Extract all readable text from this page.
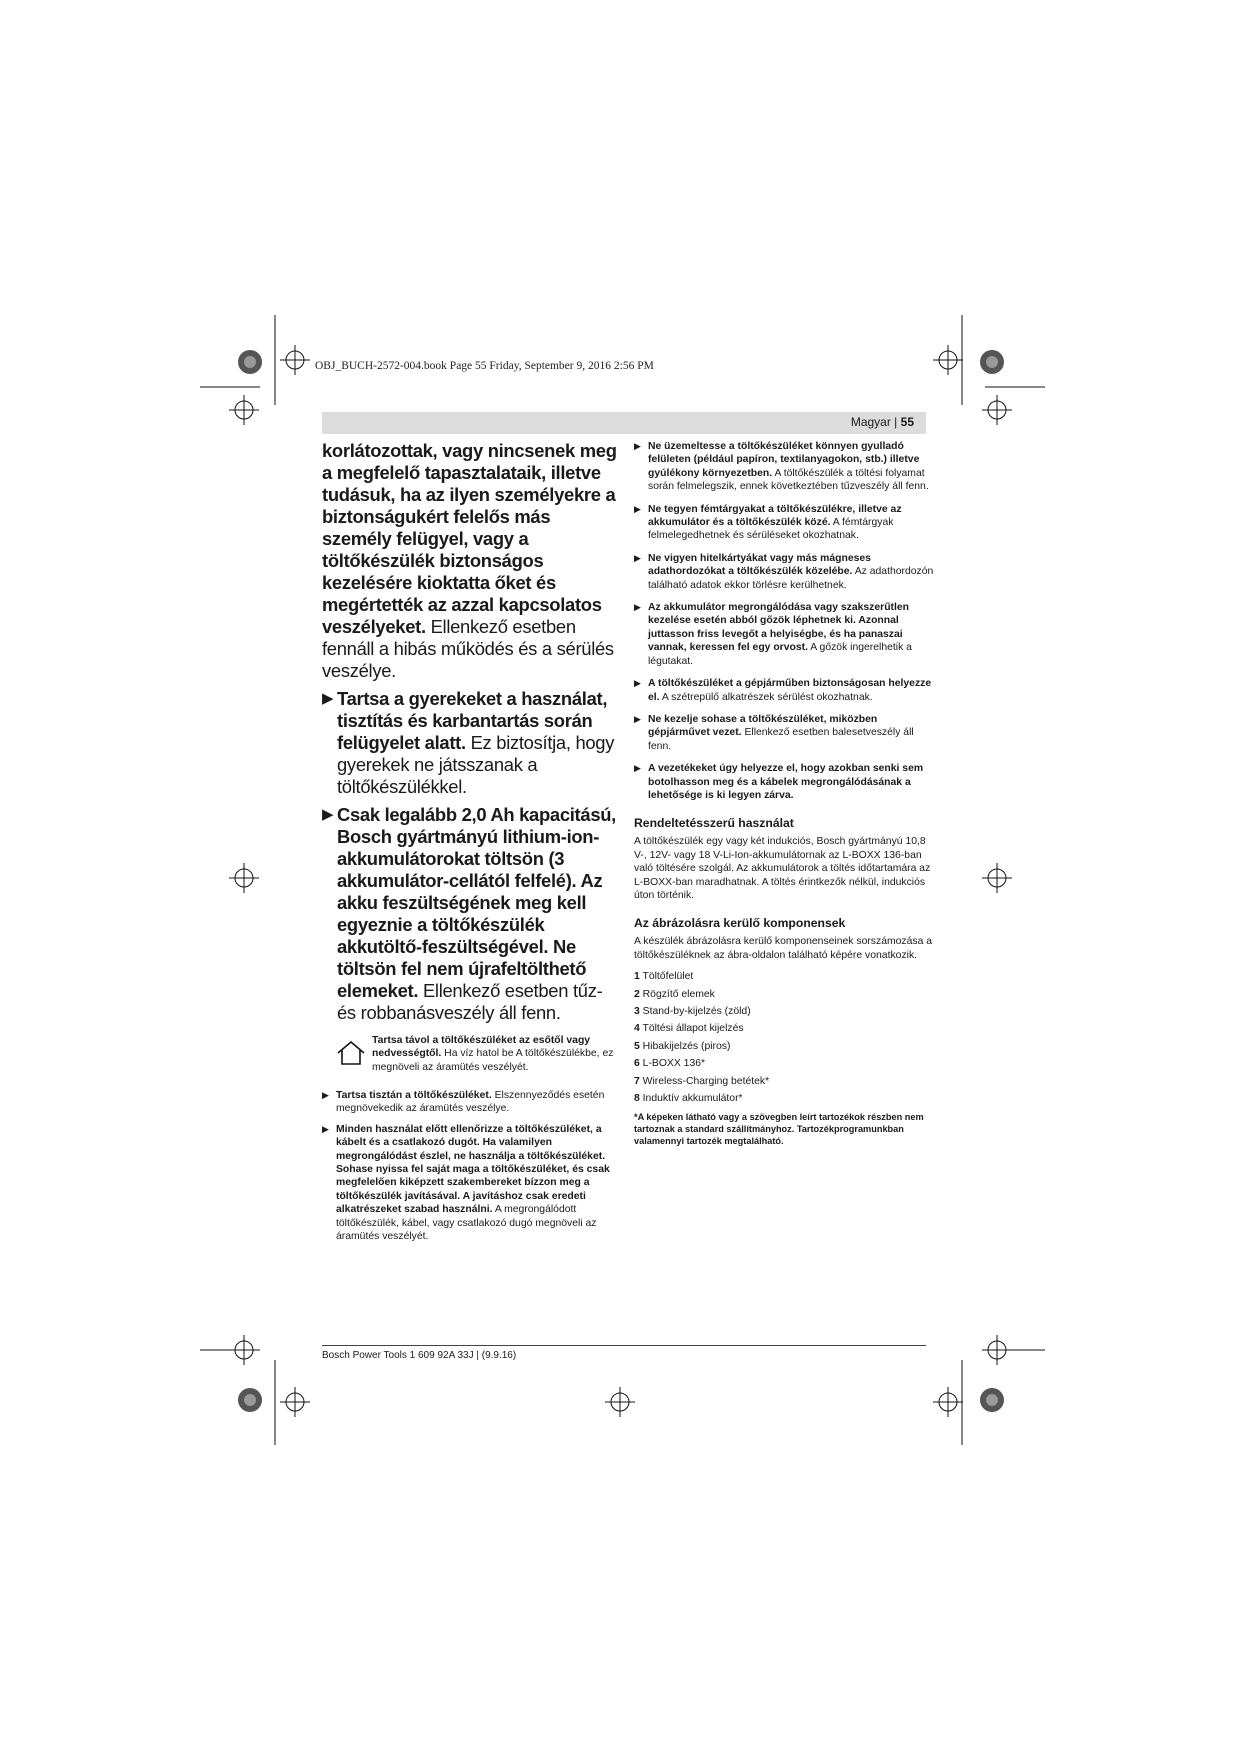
OBJ_BUCH-2572-004.book Page 55 Friday, September 9, 2016 2:56 PM
Magyar | 55

korlátozottak, vagy nincsenek meg a megfelelő tapasztalataik, illetve tudásuk, ha az ilyen személyekre a biztonságukért felelős más személy felügyel, vagy a töltőkészülék biztonságos kezelésére kioktatta őket és megértették az azzal kapcsolatos veszélyeket. Ellenkező esetben fennáll a hibás működés és a sérülés veszélye.

▶ Tartsa a gyerekeket a használat, tisztítás és karbantartás során felügyelet alatt. Ez biztosítja, hogy gyerekek ne játsszanak a töltőkészülékkel.

▶ Csak legalább 2,0 Ah kapacitású, Bosch gyártmányú lithium-ion-akkumulátorokat töltsön (3 akkumulátor-cellától felfelé). Az akku feszültségének meg kell egyeznie a töltőkészülék akkutöltő-feszültségével. Ne töltsön fel nem újrafeltölthető elemeket. Ellenkező esetben tűz- és robbanásveszély áll fenn.

Tartsa távol a töltőkészüléket az esőtől vagy nedvességtől. Ha víz hatol be A töltőkészülékbe, ez megnöveli az áramütés veszélyét.

▶ Tartsa tisztán a töltőkészüléket. Elszennyeződés esetén megnövekedik az áramütés veszélye.

▶ Minden használat előtt ellenőrizze a töltőkészüléket, a kábelt és a csatlakozó dugót. Ha valamilyen megrongálódást észlel, ne használja a töltőkészüléket. Sohase nyissa fel saját maga a töltőkészüléket, és csak megfelelően kiképzett szakembereket bízzon meg a töltőkészülék javításával. A javításhoz csak eredeti alkatrészeket szabad használni. A megrongálódott töltőkészülék, kábel, vagy csatlakozó dugó megnöveli az áramütés veszélyét.

▶ Ne üzemeltesse a töltőkészüléket könnyen gyulladó felületen (például papíron, textilanyagokon, stb.) illetve gyúlékony környezetben. A töltőkészülék a töltési folyamat során felmelegszik, ennek következtében tűzveszély áll fenn.

▶ Ne tegyen fémtárgyakat a töltőkészülékre, illetve az akkumulátor és a töltőkészülék közé. A fémtárgyak felmelegedhetnek és sérüléseket okozhatnak.

▶ Ne vigyen hitelkártyákat vagy más mágneses adathordozókat a töltőkészülék közelébe. Az adathordozón található adatok ekkor törlésre kerülhetnek.

▶ Az akkumulátor megrongálódása vagy szakszerűtlen kezelése esetén abból gőzök léphetnek ki. Azonnal juttasson friss levegőt a helyiségbe, és ha panaszai vannak, keressen fel egy orvost. A gőzök ingerelhetik a légutakat.

▶ A töltőkészüléket a gépjárműben biztonságosan helyezze el. A szétrepülő alkatrészek sérülést okozhatnak.

▶ Ne kezelje sohase a töltőkészüléket, miközben gépjárművet vezet. Ellenkező esetben balesetveszély áll fenn.

▶ A vezetékeket úgy helyezze el, hogy azokban senki sem botolhasson meg és a kábelek megrongálódásának a lehetősége is ki legyen zárva.

Rendeltetésszerű használat

A töltőkészülék egy vagy két indukciós, Bosch gyártmányú 10,8 V-, 12V- vagy 18 V-Li-Ion-akkumulátornak az L-BOXX 136-ban való töltésére szolgál. Az akkumulátorok a töltés időtartamára az L-BOXX-ban maradhatnak. A töltés érintkezők nélkül, indukciós úton történik.

Az ábrázolásra kerülő komponensek

A készülék ábrázolásra kerülő komponenseinek sorszámozása a töltőkészüléknek az ábra-oldalon található képére vonatkozik.

1 Töltőfelület
2 Rögzítő elemek
3 Stand-by-kijelzés (zöld)
4 Töltési állapot kijelzés
5 Hibakijelzés (piros)
6 L-BOXX 136*
7 Wireless-Charging betétek*
8 Induktív akkumulátor*
*A képeken látható vagy a szövegben leírt tartozékok részben nem tartoznak a standard szállítmányhoz. Tartozékprogramunkban valamennyi tartozék megtalálható.
Bosch Power Tools 1 609 92A 33J | (9.9.16)
